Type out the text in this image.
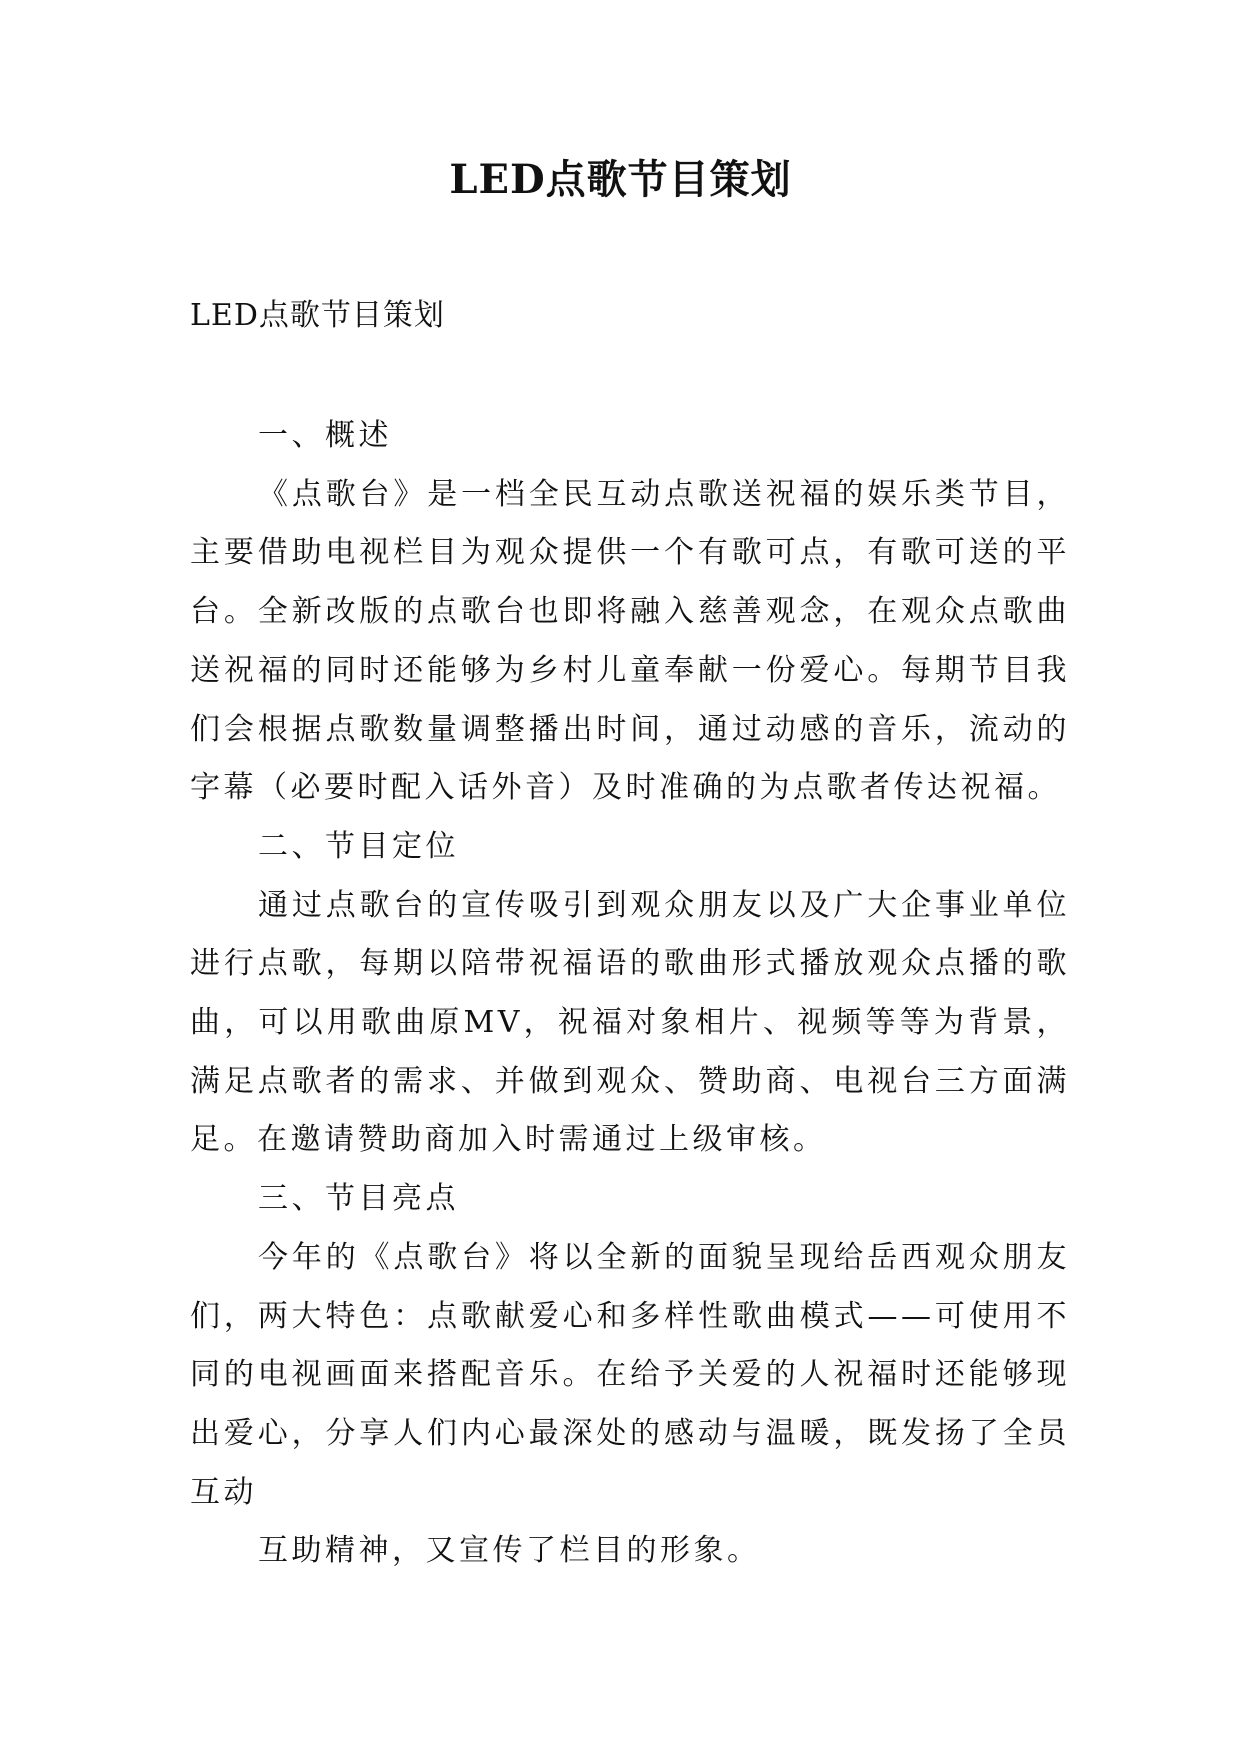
LED点歌节目策划

LED点歌节目策划

一、概述

《点歌台》是一档全民互动点歌送祝福的娱乐类节目，主要借助电视栏目为观众提供一个有歌可点，有歌可送的平台。全新改版的点歌台也即将融入慈善观念，在观众点歌曲送祝福的同时还能够为乡村儿童奉献一份爱心。每期节目我们会根据点歌数量调整播出时间，通过动感的音乐，流动的字幕（必要时配入话外音）及时准确的为点歌者传达祝福。

二、节目定位

通过点歌台的宣传吸引到观众朋友以及广大企事业单位进行点歌，每期以陪带祝福语的歌曲形式播放观众点播的歌曲，可以用歌曲原MV，祝福对象相片、视频等等为背景，满足点歌者的需求、并做到观众、赞助商、电视台三方面满足。在邀请赞助商加入时需通过上级审核。

三、节目亮点

今年的《点歌台》将以全新的面貌呈现给岳西观众朋友们，两大特色：点歌献爱心和多样性歌曲模式——可使用不同的电视画面来搭配音乐。在给予关爱的人祝福时还能够现出爱心，分享人们内心最深处的感动与温暖，既发扬了全员互动

互助精神，又宣传了栏目的形象。
